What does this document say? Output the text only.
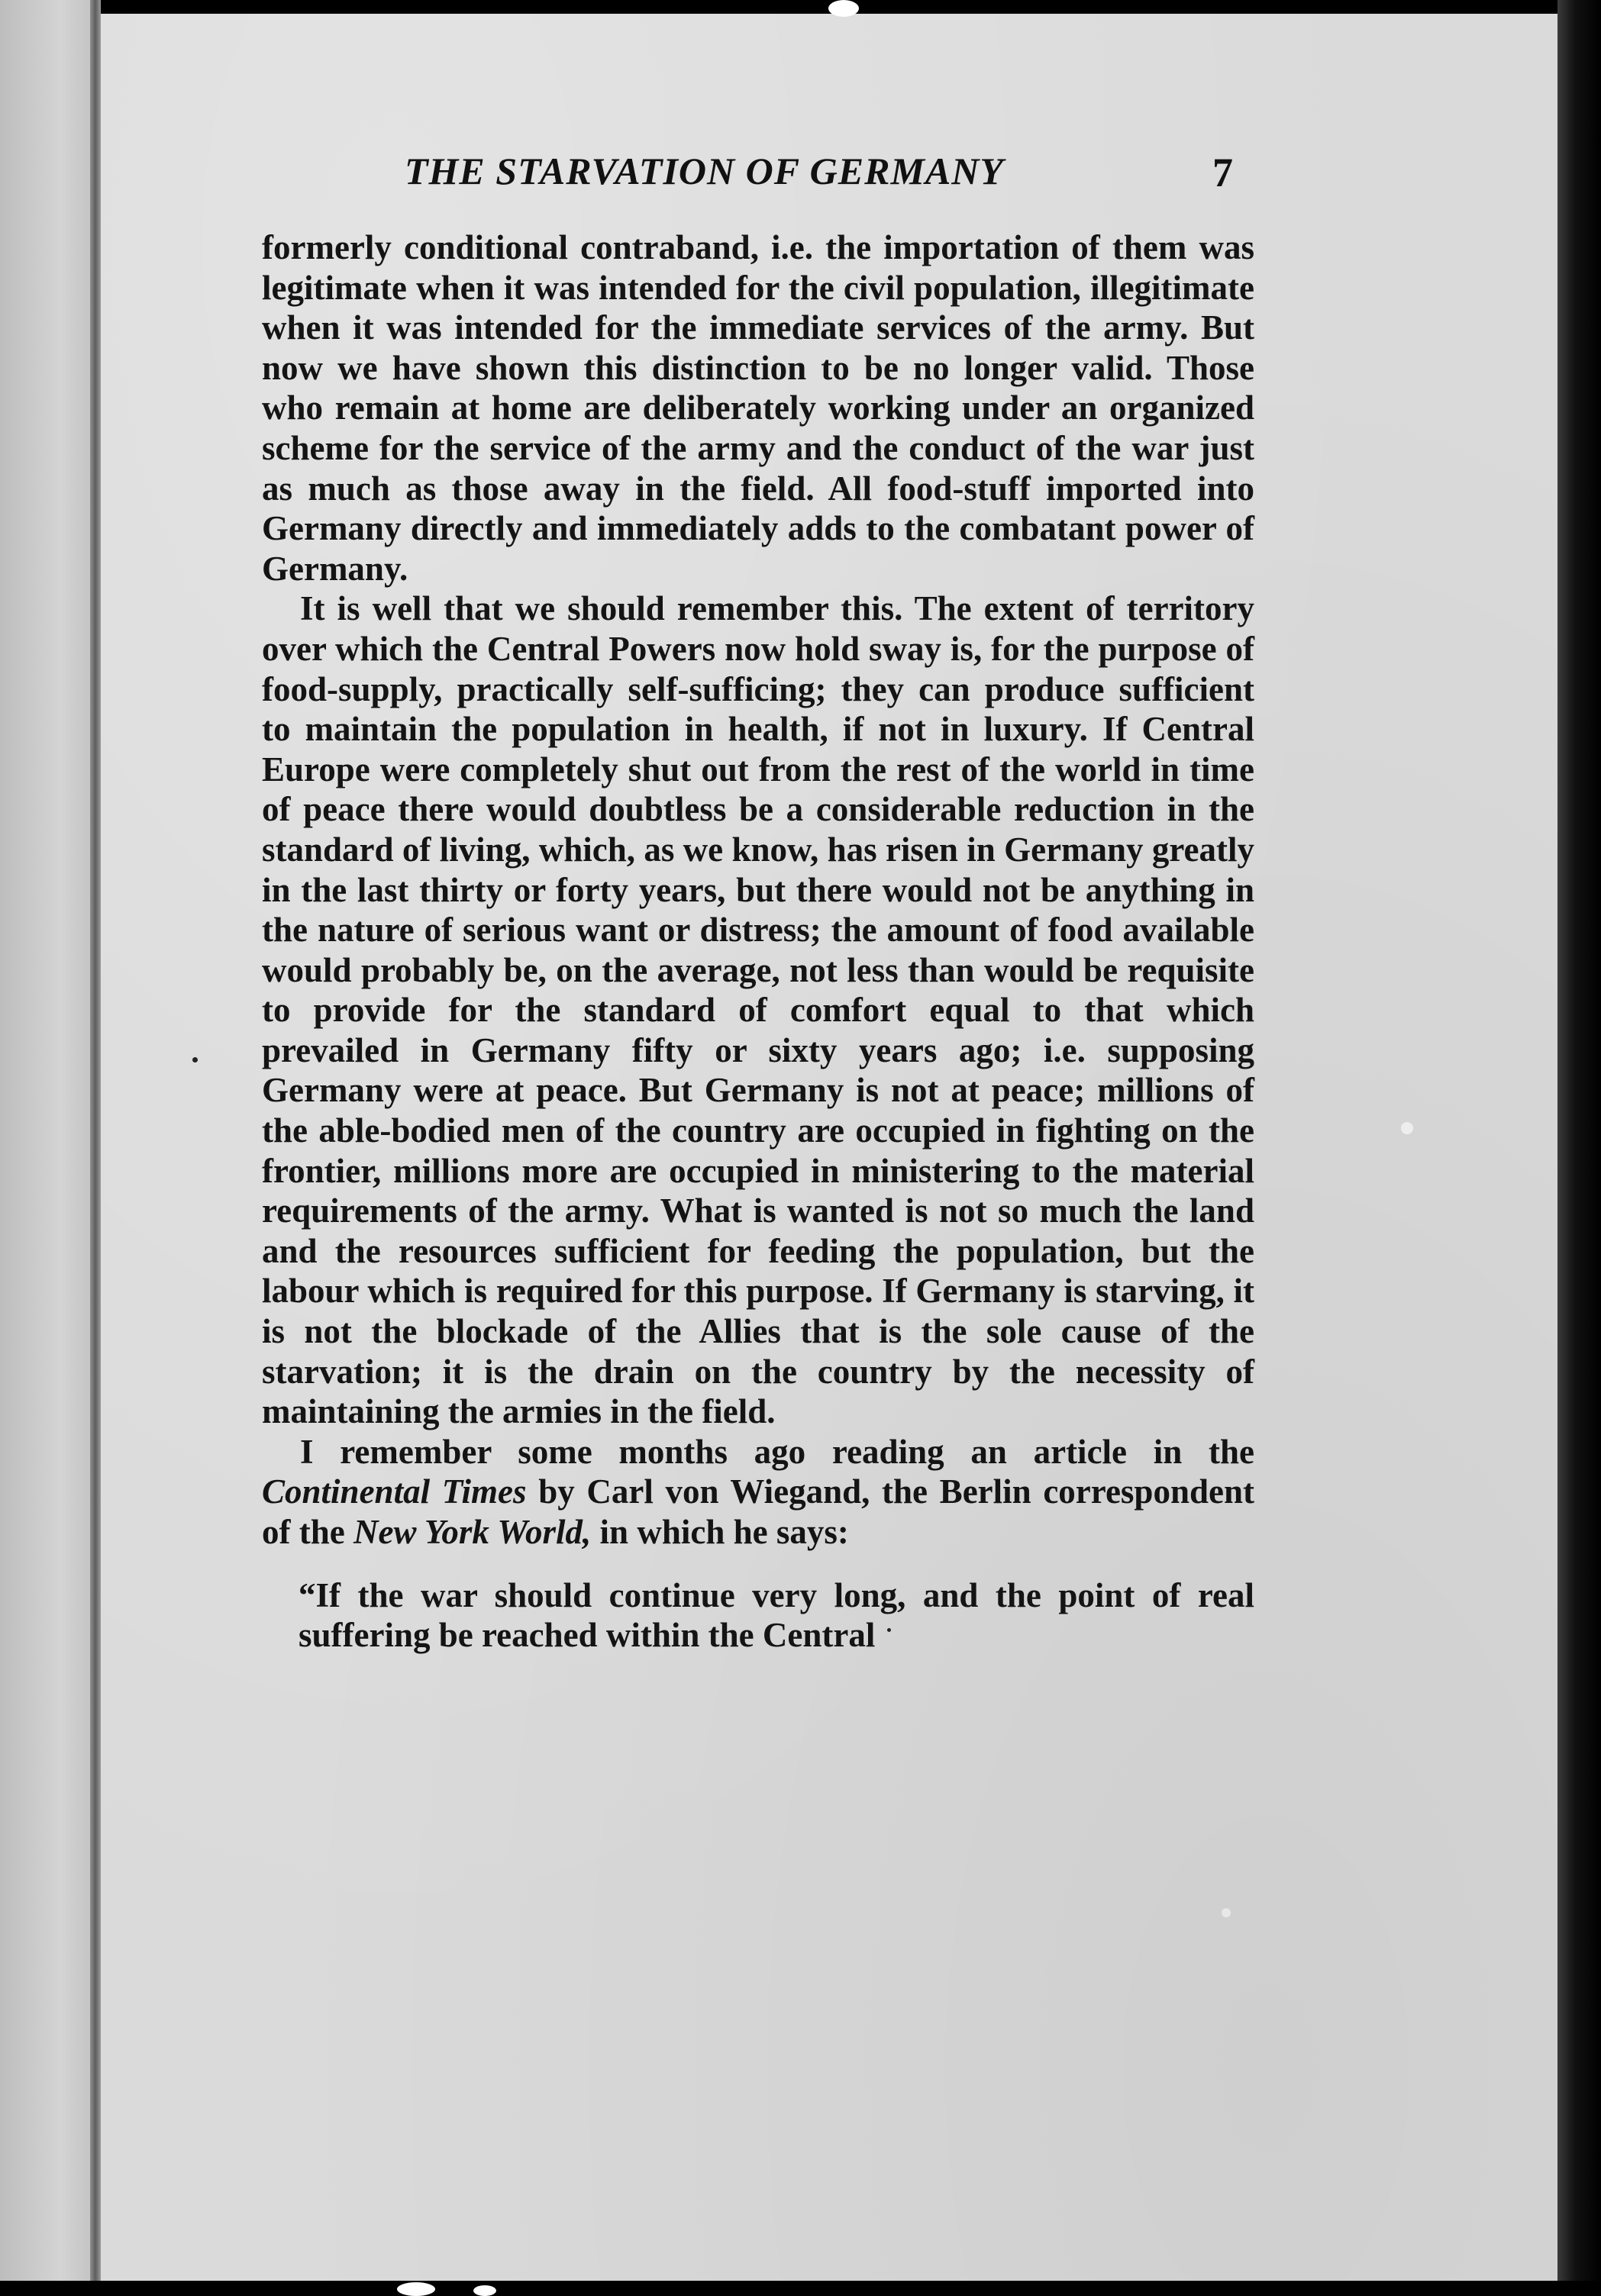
THE STARVATION OF GERMANY	7

formerly conditional contraband, i.e. the importation of them was legitimate when it was intended for the civil population, illegitimate when it was intended for the immediate services of the army. But now we have shown this distinction to be no longer valid. Those who remain at home are deliberately working under an organized scheme for the service of the army and the conduct of the war just as much as those away in the field. All food-stuff imported into Germany directly and immediately adds to the combatant power of Germany.

It is well that we should remember this. The extent of territory over which the Central Powers now hold sway is, for the purpose of food-supply, practically self-sufficing; they can produce sufficient to maintain the population in health, if not in luxury. If Central Europe were completely shut out from the rest of the world in time of peace there would doubtless be a considerable reduction in the standard of living, which, as we know, has risen in Germany greatly in the last thirty or forty years, but there would not be anything in the nature of serious want or distress; the amount of food available would probably be, on the average, not less than would be requisite to provide for the standard of comfort equal to that which prevailed in Germany fifty or sixty years ago; i.e. supposing Germany were at peace. But Germany is not at peace; millions of the able-bodied men of the country are occupied in fighting on the frontier, millions more are occupied in ministering to the material requirements of the army. What is wanted is not so much the land and the resources sufficient for feeding the population, but the labour which is required for this purpose. If Germany is starving, it is not the blockade of the Allies that is the sole cause of the starvation; it is the drain on the country by the necessity of maintaining the armies in the field.

I remember some months ago reading an article in the Continental Times by Carl von Wiegand, the Berlin correspondent of the New York World, in which he says:

“If the war should continue very long, and the point of real suffering be reached within the Central
